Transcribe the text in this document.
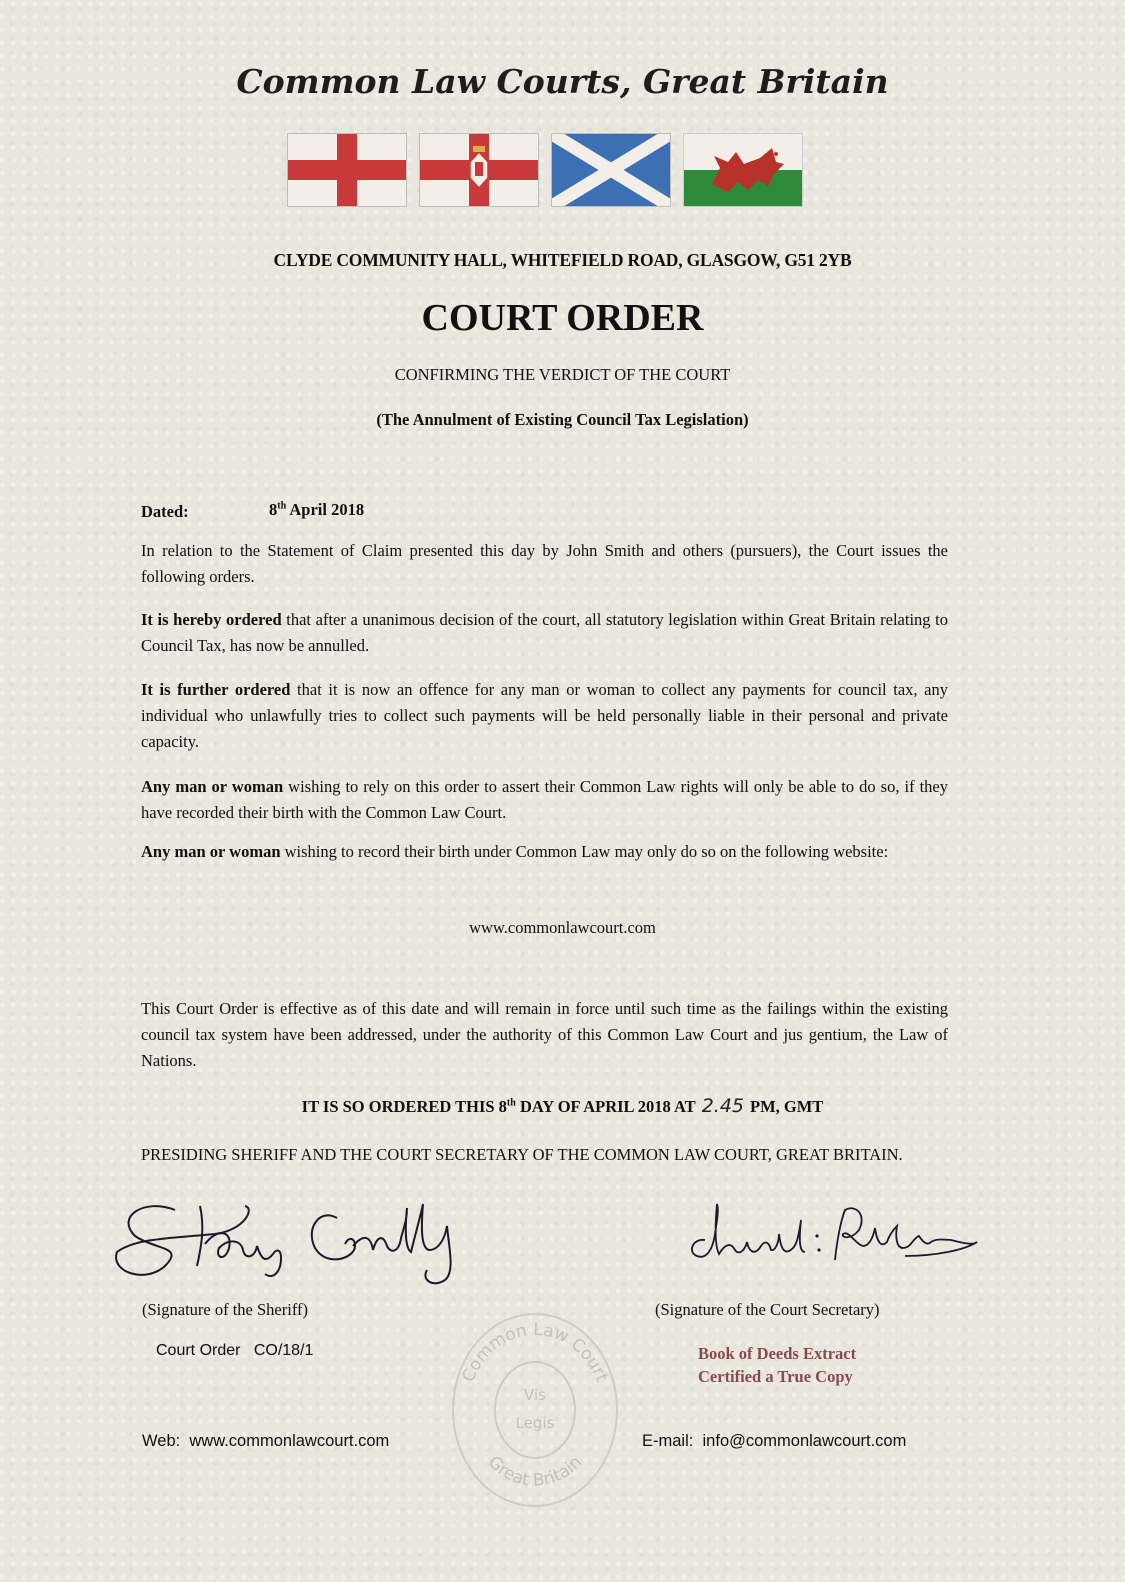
Common Law Courts, Great Britain
CLYDE COMMUNITY HALL, WHITEFIELD ROAD, GLASGOW, G51 2YB
COURT ORDER
CONFIRMING THE VERDICT OF THE COURT
(The Annulment of Existing Council Tax Legislation)
Dated:	8th April 2018
In relation to the Statement of Claim presented this day by John Smith and others (pursuers), the Court issues the following orders.
It is hereby ordered that after a unanimous decision of the court, all statutory legislation within Great Britain relating to Council Tax, has now be annulled.
It is further ordered that it is now an offence for any man or woman to collect any payments for council tax, any individual who unlawfully tries to collect such payments will be held personally liable in their personal and private capacity.
Any man or woman wishing to rely on this order to assert their Common Law rights will only be able to do so, if they have recorded their birth with the Common Law Court.
Any man or woman wishing to record their birth under Common Law may only do so on the following website:
www.commonlawcourt.com
This Court Order is effective as of this date and will remain in force until such time as the failings within the existing council tax system have been addressed, under the authority of this Common Law Court and jus gentium, the Law of Nations.
IT IS SO ORDERED THIS 8th DAY OF APRIL 2018 AT 2.45 PM, GMT
PRESIDING SHERIFF AND THE COURT SECRETARY OF THE COMMON LAW COURT, GREAT BRITAIN.
(Signature of the Sheriff)	(Signature of the Court Secretary)
Court Order CO/18/1	Book of Deeds Extract
Certified a True Copy
Common Law Court
Great Britain
Vis
Legis
Web: www.commonlawcourt.com	E-mail: info@commonlawcourt.com
